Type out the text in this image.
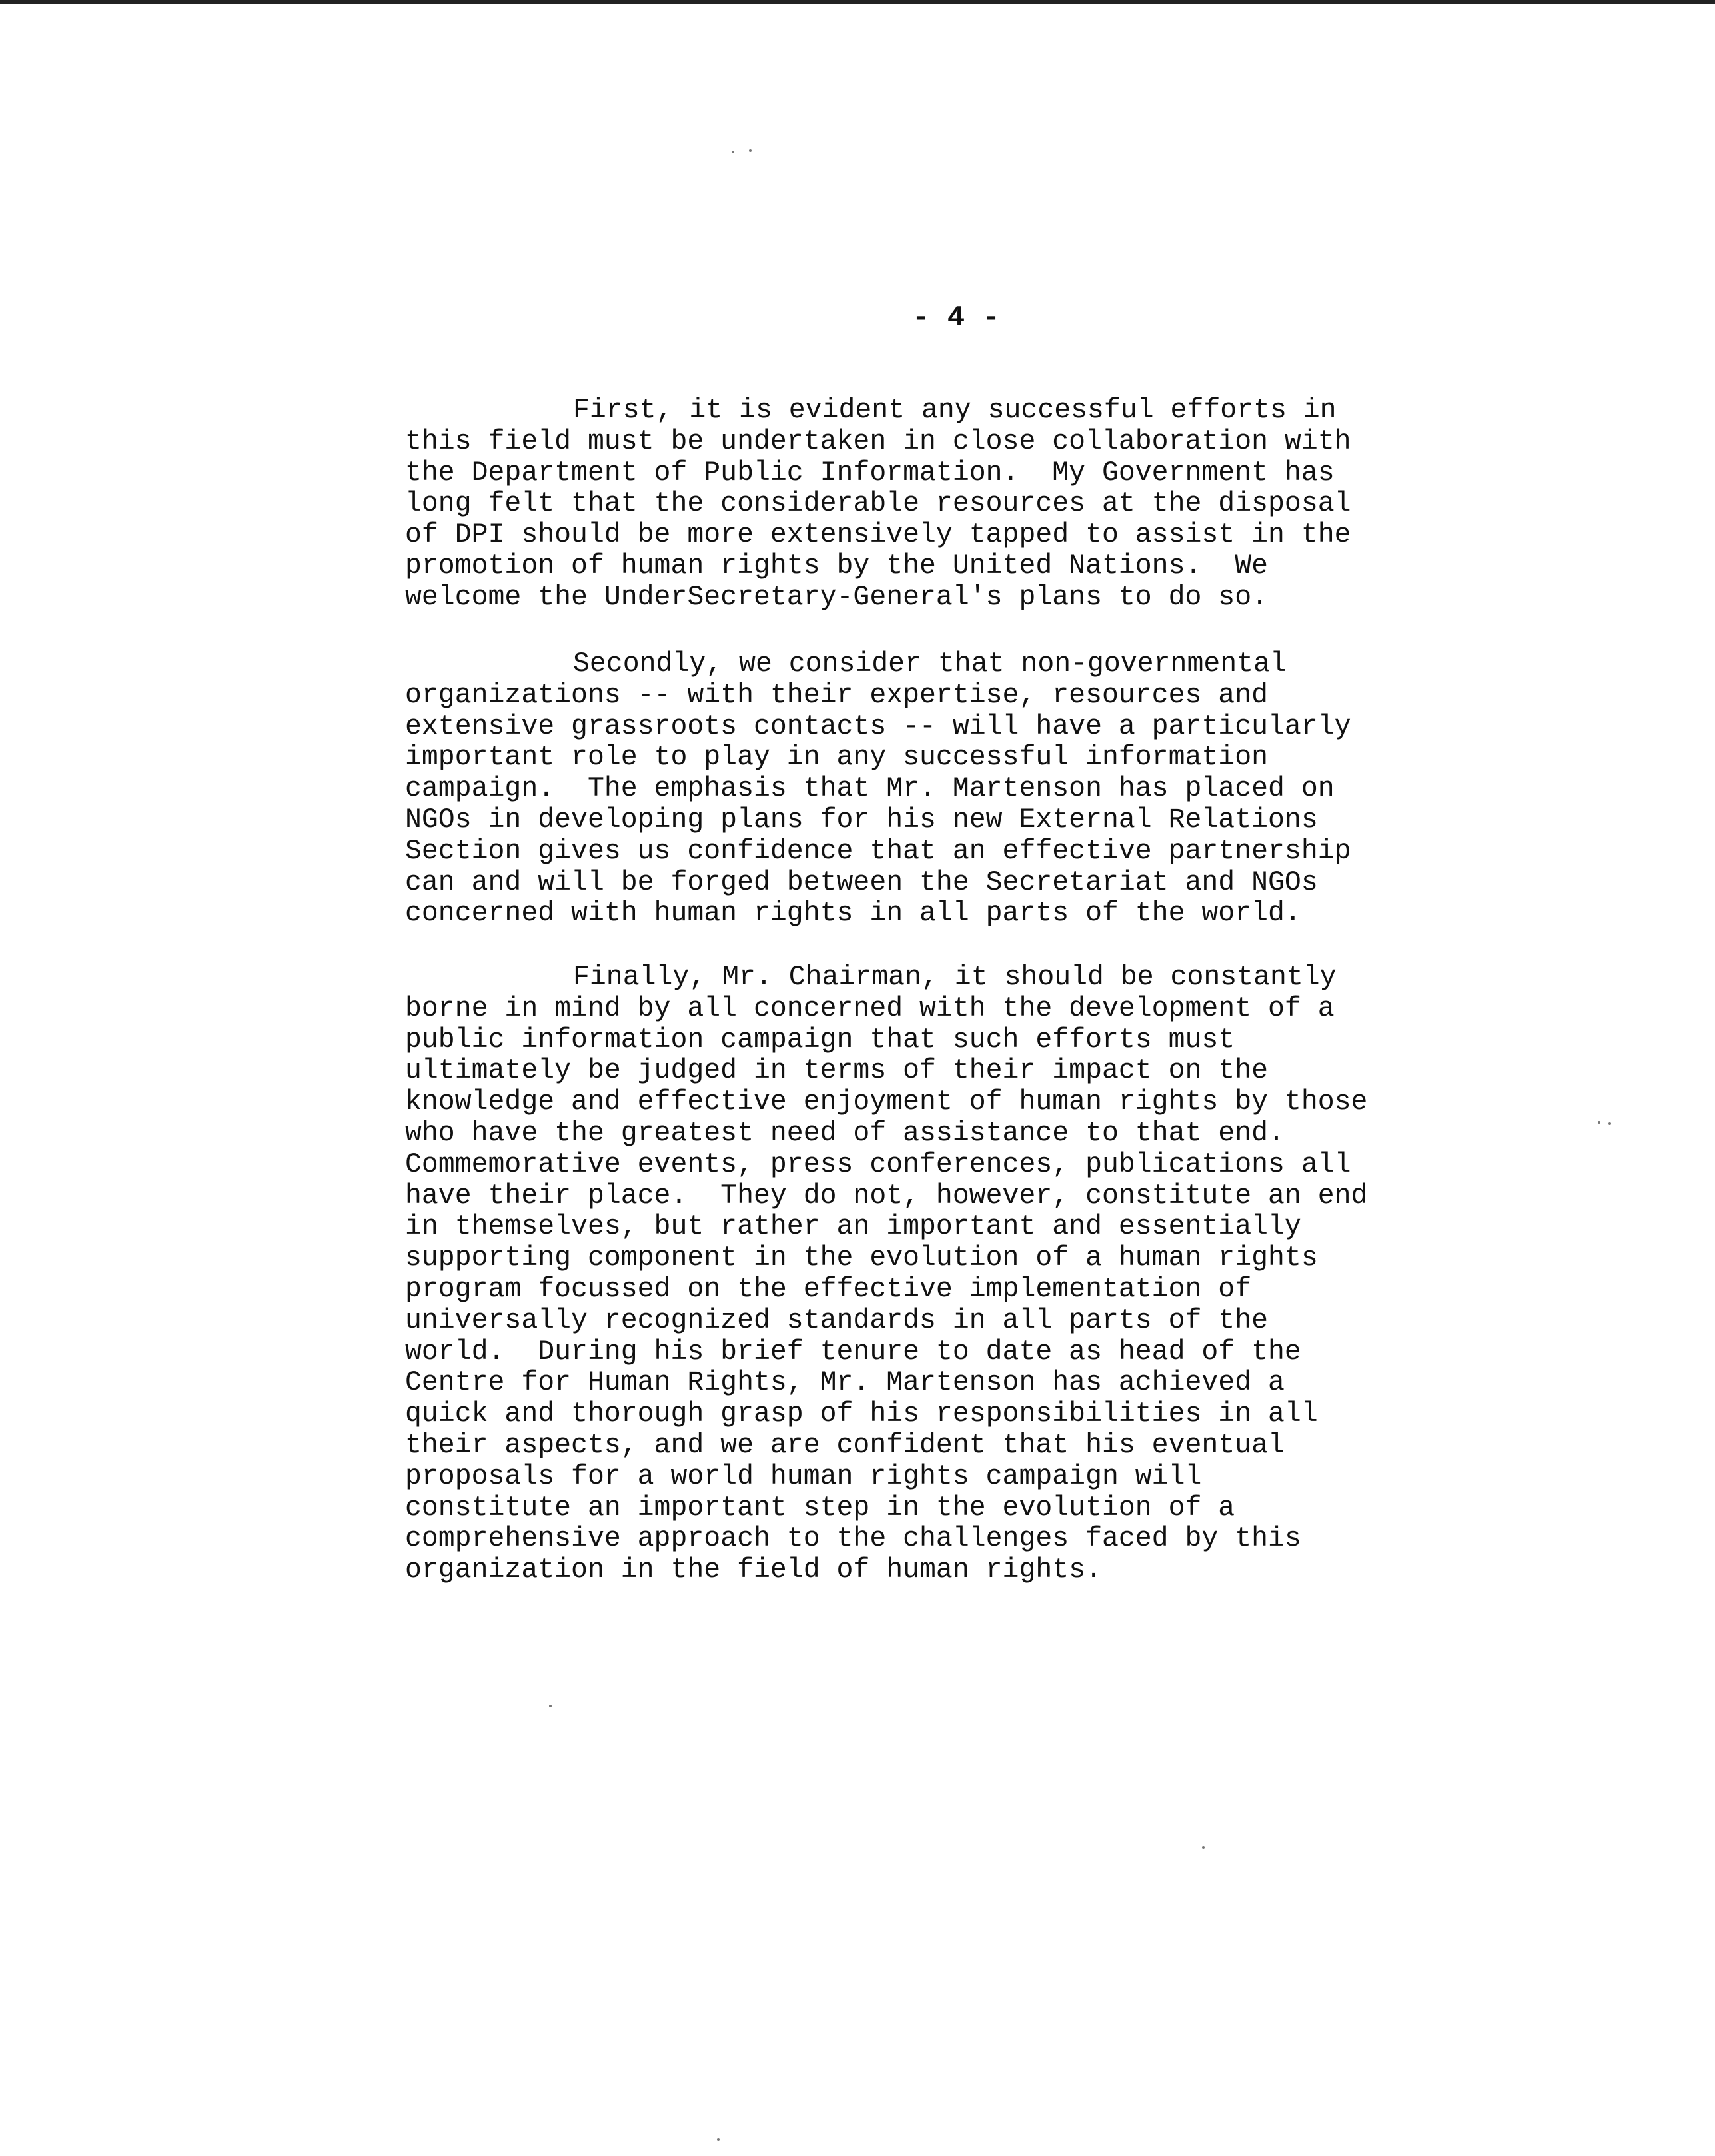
- 4 -
First, it is evident any successful efforts in
this field must be undertaken in close collaboration with
the Department of Public Information.  My Government has
long felt that the considerable resources at the disposal
of DPI should be more extensively tapped to assist in the
promotion of human rights by the United Nations.  We
welcome the UnderSecretary-General's plans to do so.
Secondly, we consider that non-governmental
organizations -- with their expertise, resources and
extensive grassroots contacts -- will have a particularly
important role to play in any successful information
campaign.  The emphasis that Mr. Martenson has placed on
NGOs in developing plans for his new External Relations
Section gives us confidence that an effective partnership
can and will be forged between the Secretariat and NGOs
concerned with human rights in all parts of the world.
Finally, Mr. Chairman, it should be constantly
borne in mind by all concerned with the development of a
public information campaign that such efforts must
ultimately be judged in terms of their impact on the
knowledge and effective enjoyment of human rights by those
who have the greatest need of assistance to that end.
Commemorative events, press conferences, publications all
have their place.  They do not, however, constitute an end
in themselves, but rather an important and essentially
supporting component in the evolution of a human rights
program focussed on the effective implementation of
universally recognized standards in all parts of the
world.  During his brief tenure to date as head of the
Centre for Human Rights, Mr. Martenson has achieved a
quick and thorough grasp of his responsibilities in all
their aspects, and we are confident that his eventual
proposals for a world human rights campaign will
constitute an important step in the evolution of a
comprehensive approach to the challenges faced by this
organization in the field of human rights.
